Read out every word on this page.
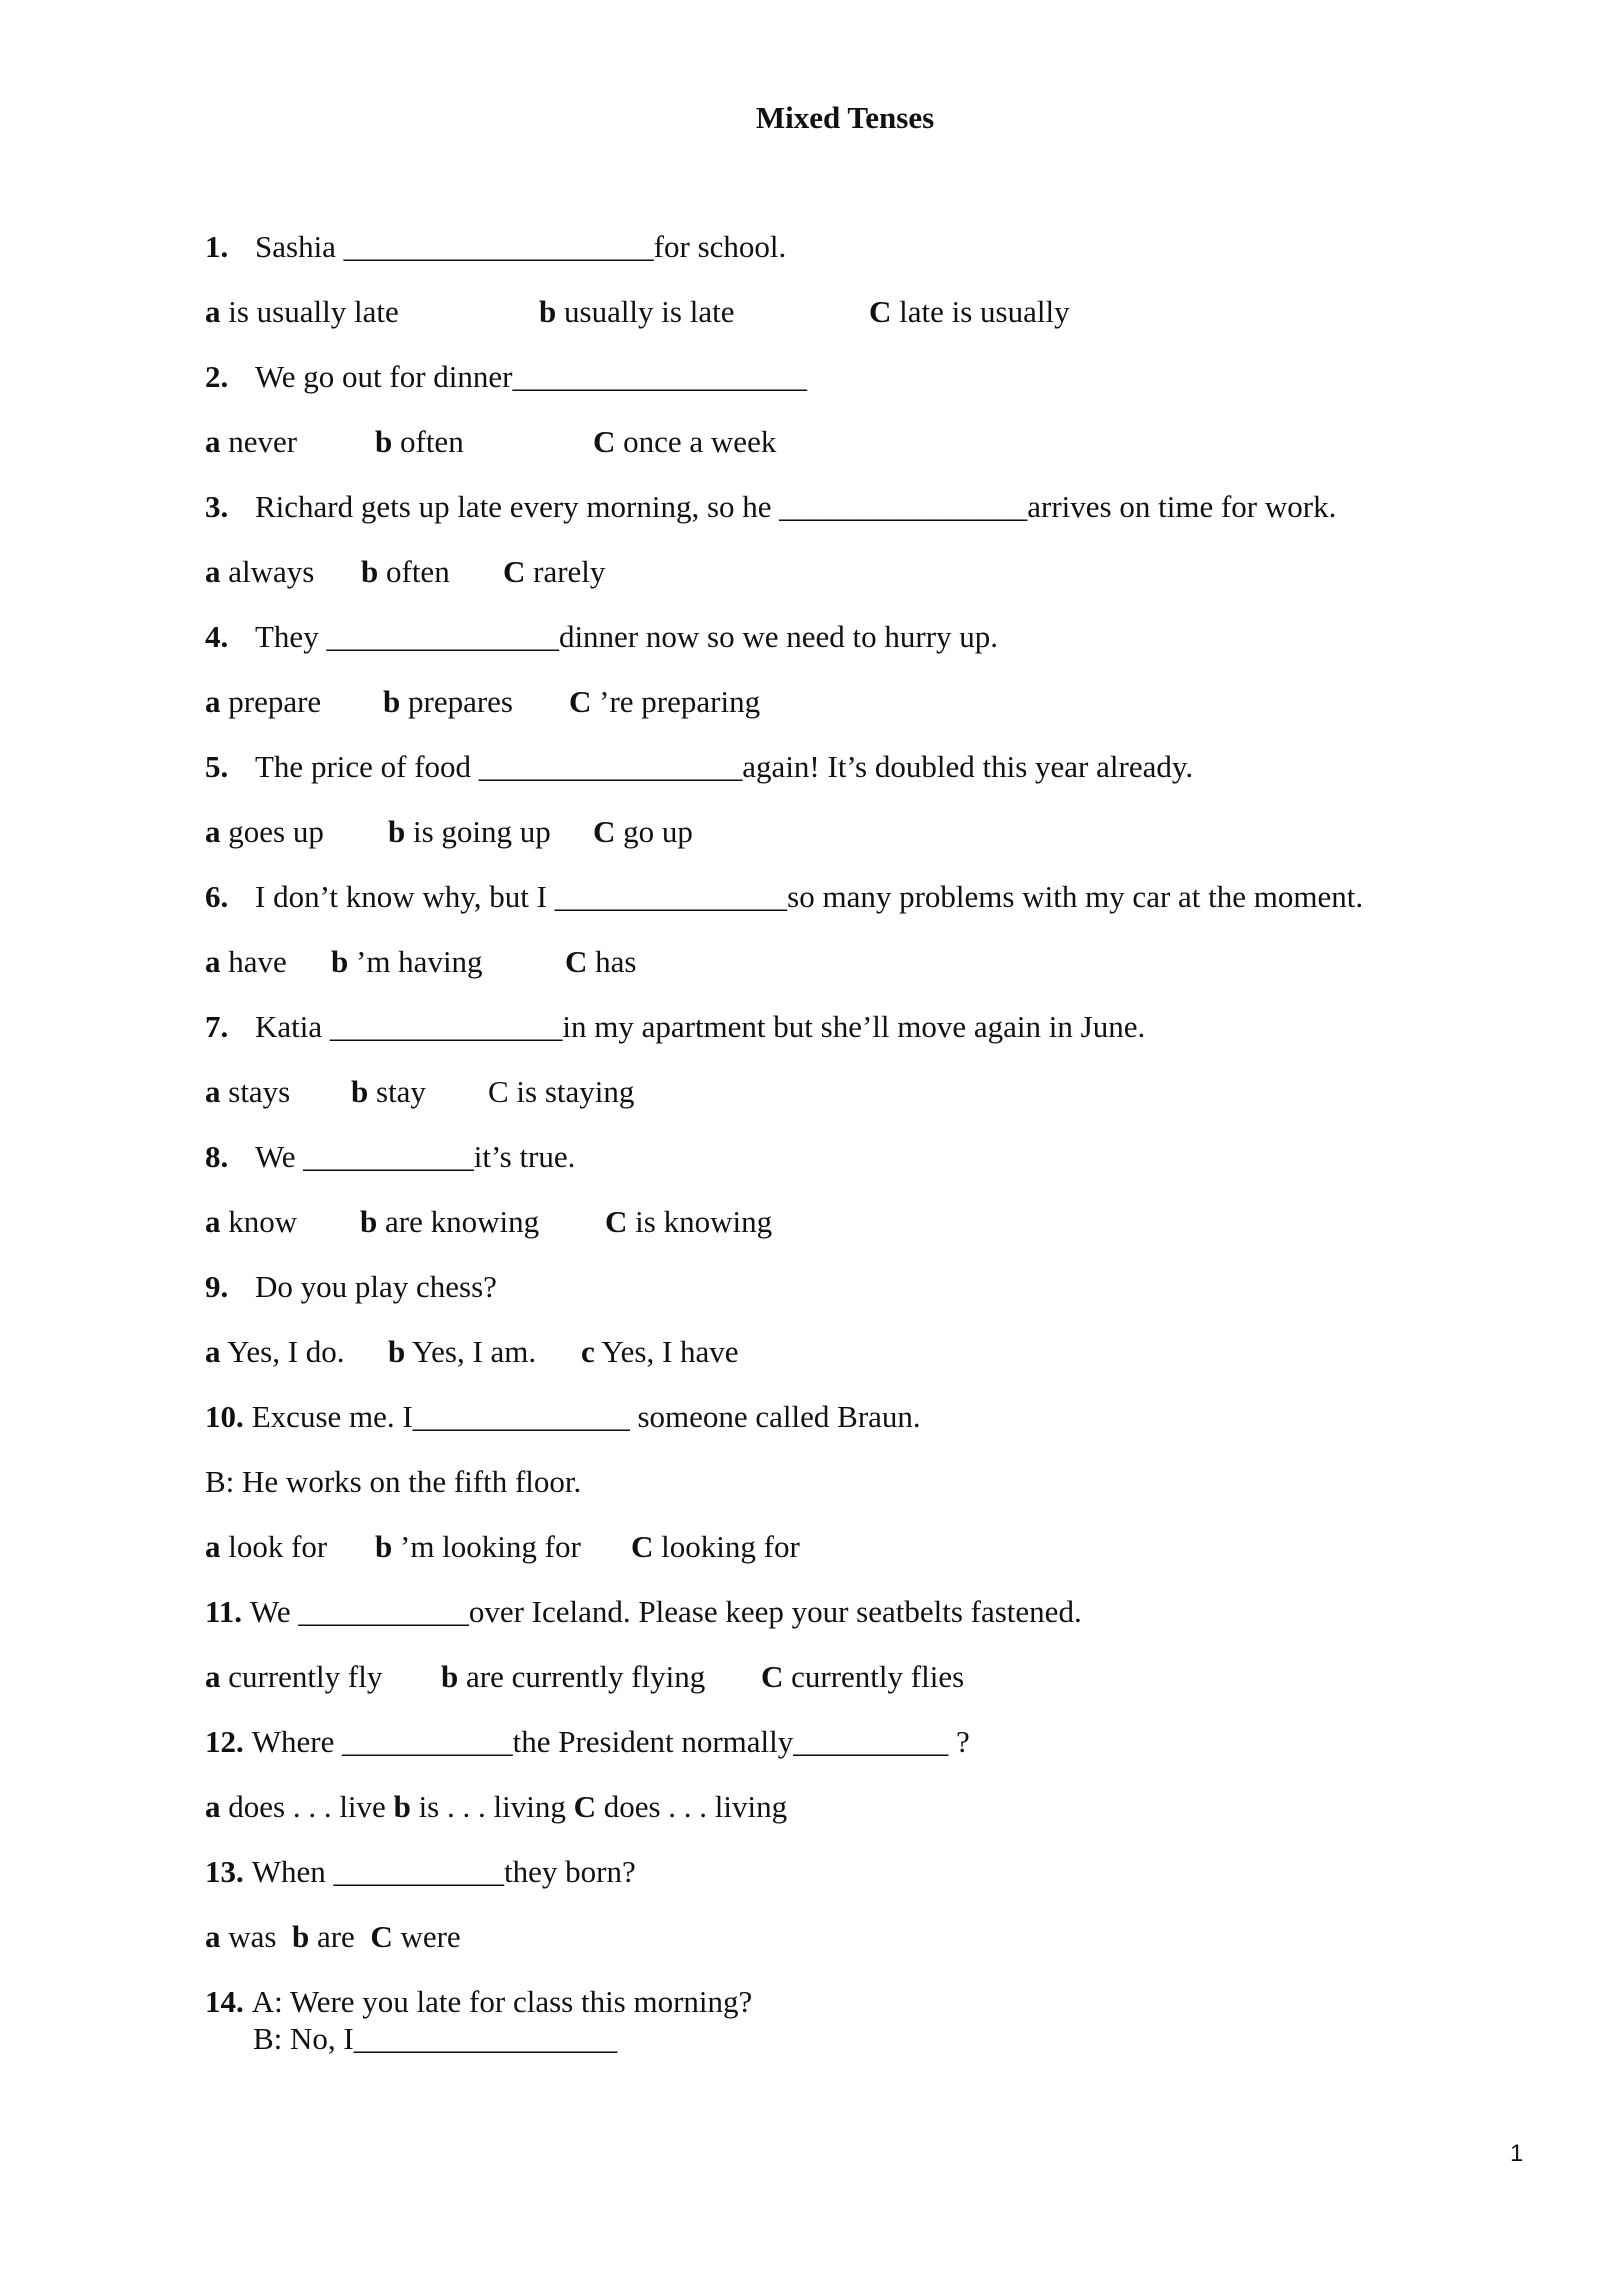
Mixed Tenses
1. Sashia ____________________for school.
a is usually late	b usually is late	C late is usually
2. We go out for dinner___________________
a never	b often	C once a week
3. Richard gets up late every morning, so he ________________arrives on time for work.
a always b often C rarely
4. They _______________dinner now so we need to hurry up.
a prepare b prepares C ’re preparing
5. The price of food _________________again! It’s doubled this year already.
a goes up b is going up C go up
6. I don’t know why, but I _______________so many problems with my car at the moment.
a have b ’m having	C has
7. Katia _______________in my apartment but she’ll move again in June.
a stays b stay C is staying
8. We ___________it’s true.
a know b are knowing C is knowing
9. Do you play chess?
a Yes, I do. b Yes, I am. c Yes, I have
10. Excuse me. I______________ someone called Braun.
B: He works on the fifth floor.
a look for b ’m looking for C looking for
11. We ___________over Iceland. Please keep your seatbelts fastened.
a currently fly b are currently flying C currently flies
12. Where ___________the President normally__________ ?
a does . . . live b is . . . living C does . . . living
13. When ___________they born?
a was b are C were
14. A: Were you late for class this morning?
B: No, I_________________
1
